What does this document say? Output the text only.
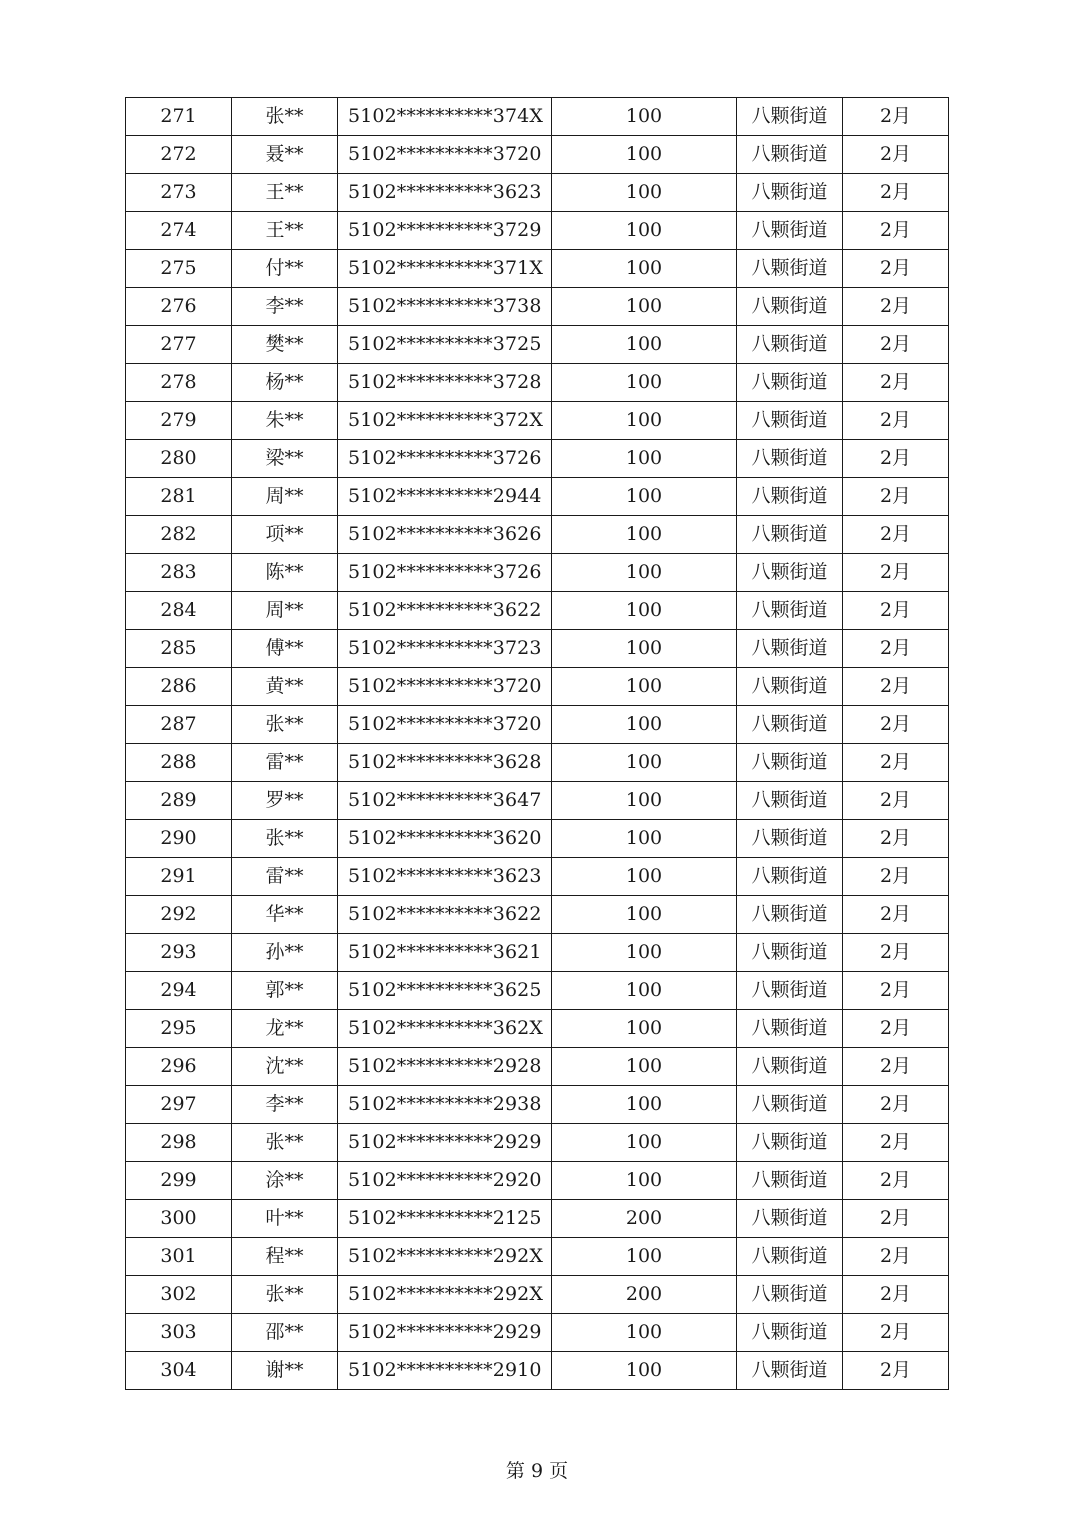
271	张**	5102**********374X	100	八颗街道	2月
272	聂**	5102**********3720	100	八颗街道	2月
273	王**	5102**********3623	100	八颗街道	2月
274	王**	5102**********3729	100	八颗街道	2月
275	付**	5102**********371X	100	八颗街道	2月
276	李**	5102**********3738	100	八颗街道	2月
277	樊**	5102**********3725	100	八颗街道	2月
278	杨**	5102**********3728	100	八颗街道	2月
279	朱**	5102**********372X	100	八颗街道	2月
280	梁**	5102**********3726	100	八颗街道	2月
281	周**	5102**********2944	100	八颗街道	2月
282	项**	5102**********3626	100	八颗街道	2月
283	陈**	5102**********3726	100	八颗街道	2月
284	周**	5102**********3622	100	八颗街道	2月
285	傅**	5102**********3723	100	八颗街道	2月
286	黄**	5102**********3720	100	八颗街道	2月
287	张**	5102**********3720	100	八颗街道	2月
288	雷**	5102**********3628	100	八颗街道	2月
289	罗**	5102**********3647	100	八颗街道	2月
290	张**	5102**********3620	100	八颗街道	2月
291	雷**	5102**********3623	100	八颗街道	2月
292	华**	5102**********3622	100	八颗街道	2月
293	孙**	5102**********3621	100	八颗街道	2月
294	郭**	5102**********3625	100	八颗街道	2月
295	龙**	5102**********362X	100	八颗街道	2月
296	沈**	5102**********2928	100	八颗街道	2月
297	李**	5102**********2938	100	八颗街道	2月
298	张**	5102**********2929	100	八颗街道	2月
299	涂**	5102**********2920	100	八颗街道	2月
300	叶**	5102**********2125	200	八颗街道	2月
301	程**	5102**********292X	100	八颗街道	2月
302	张**	5102**********292X	200	八颗街道	2月
303	邵**	5102**********2929	100	八颗街道	2月
304	谢**	5102**********2910	100	八颗街道	2月
第 9 页
